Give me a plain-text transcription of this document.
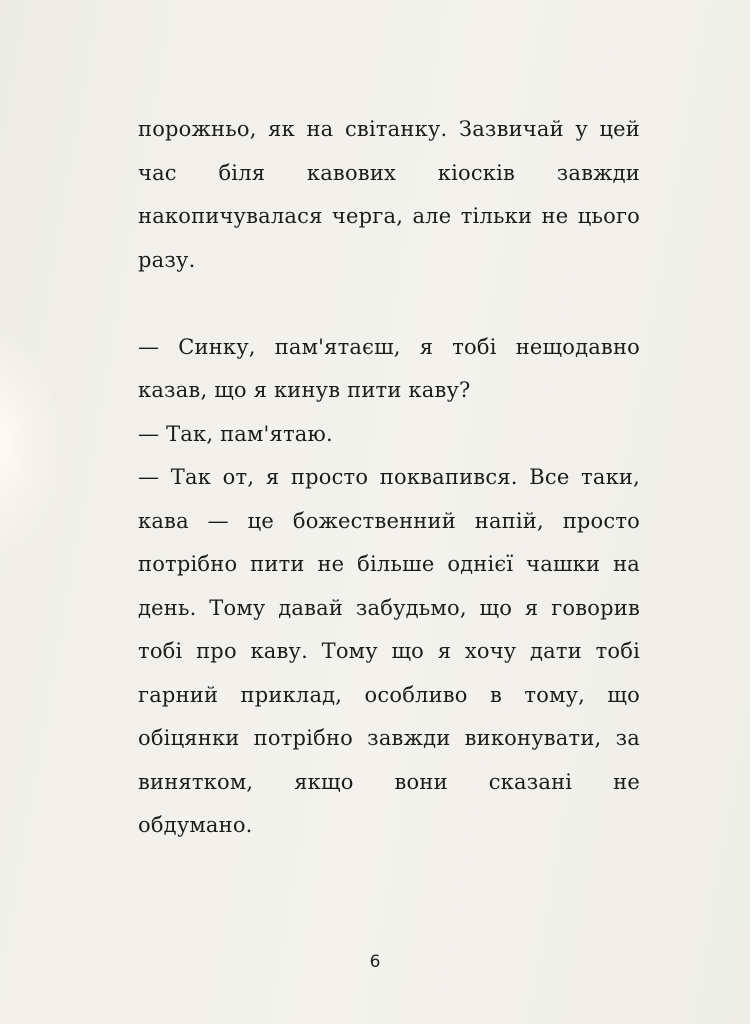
порожньо, як на світанку. Зазвичай у цей
час біля кавових кіосків завжди
накопичувалася черга, але тільки не цього
разу.
— Синку, пам'ятаєш, я тобі нещодавно
казав, що я кинув пити каву?
— Так, пам'ятаю.
— Так от, я просто поквапився. Все таки,
кава — це божественний напій, просто
потрібно пити не більше однієї чашки на
день. Тому давай забудьмо, що я говорив
тобі про каву. Тому що я хочу дати тобі
гарний приклад, особливо в тому, що
обіцянки потрібно завжди виконувати, за
винятком, якщо вони сказані не
обдумано.
6
